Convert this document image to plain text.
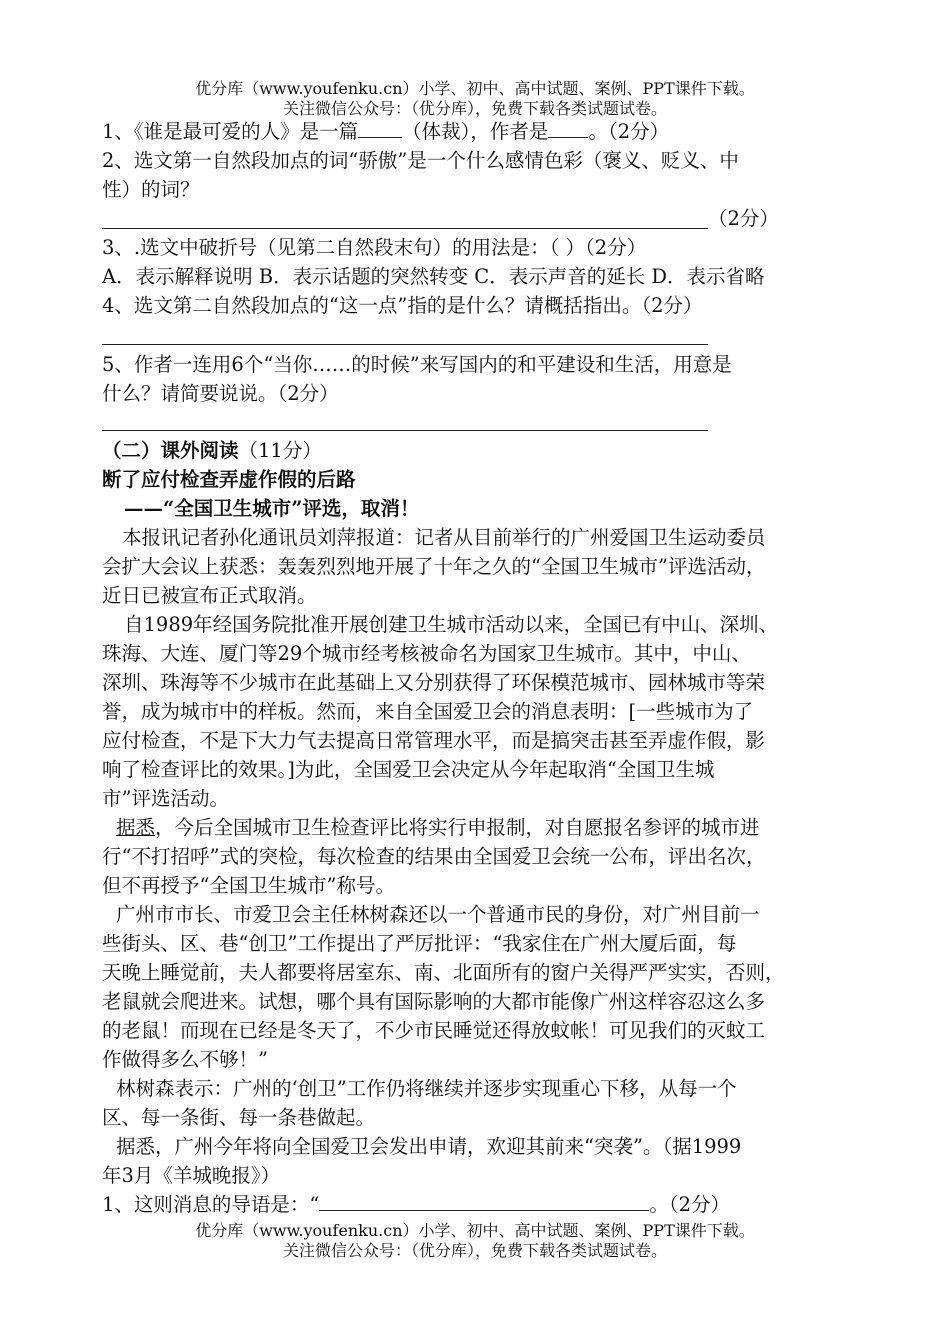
优分库（www.youfenku.cn）小学、初中、高中试题、案例、PPT课件下载。
关注微信公众号：（优分库），免费下载各类试题试卷。
1、《谁是最可爱的人》是一篇 （体裁），作者是 。（2分）
2、选文第一自然段加点的词“骄傲”是一个什么感情色彩（褒义、贬义、中
性）的词？
（2分）
3、.选文中破折号（见第二自然段末句）的用法是：（ ）（2分）
A．表示解释说明 B．表示话题的突然转变 C．表示声音的延长 D．表示省略
4、选文第二自然段加点的“这一点”指的是什么？请概括指出。（2分）
5、作者一连用6个“当你……的时候”来写国内的和平建设和生活，用意是
什么？请简要说说。（2分）
（二）课外阅读（11分）
断了应付检查弄虚作假的后路
——“全国卫生城市”评选，取消！
本报讯记者孙化通讯员刘萍报道：记者从目前举行的广州爱国卫生运动委员
会扩大会议上获悉：轰轰烈烈地开展了十年之久的“全国卫生城市”评选活动，
近日已被宣布正式取消。
自1989年经国务院批准开展创建卫生城市活动以来，全国已有中山、深圳、
珠海、大连、厦门等29个城市经考核被命名为国家卫生城市。其中，中山、
深圳、珠海等不少城市在此基础上又分别获得了环保模范城市、园林城市等荣
誉，成为城市中的样板。然而，来自全国爱卫会的消息表明：[一些城市为了
应付检查，不是下大力气去提高日常管理水平，而是搞突击甚至弄虚作假，影
响了检查评比的效果。]为此，全国爱卫会决定从今年起取消“全国卫生城
市”评选活动。
据悉，今后全国城市卫生检查评比将实行申报制，对自愿报名参评的城市进
行“不打招呼”式的突检，每次检查的结果由全国爱卫会统一公布，评出名次，
但不再授予“全国卫生城市”称号。
广州市市长、市爱卫会主任林树森还以一个普通市民的身份，对广州目前一
些街头、区、巷“创卫”工作提出了严厉批评：“我家住在广州大厦后面，每
天晚上睡觉前，夫人都要将居室东、南、北面所有的窗户关得严严实实，否则，
老鼠就会爬进来。试想，哪个具有国际影响的大都市能像广州这样容忍这么多
的老鼠！而现在已经是冬天了，不少市民睡觉还得放蚊帐！可见我们的灭蚊工
作做得多么不够！”
林树森表示：广州的‘创卫”工作仍将继续并逐步实现重心下移，从每一个
区、每一条街、每一条巷做起。
据悉，广州今年将向全国爱卫会发出申请，欢迎其前来“突袭”。（据1999
年3月《羊城晚报》）
1、这则消息的导语是：“	。（2分）
优分库（www.youfenku.cn）小学、初中、高中试题、案例、PPT课件下载。
关注微信公众号：（优分库），免费下载各类试题试卷。
